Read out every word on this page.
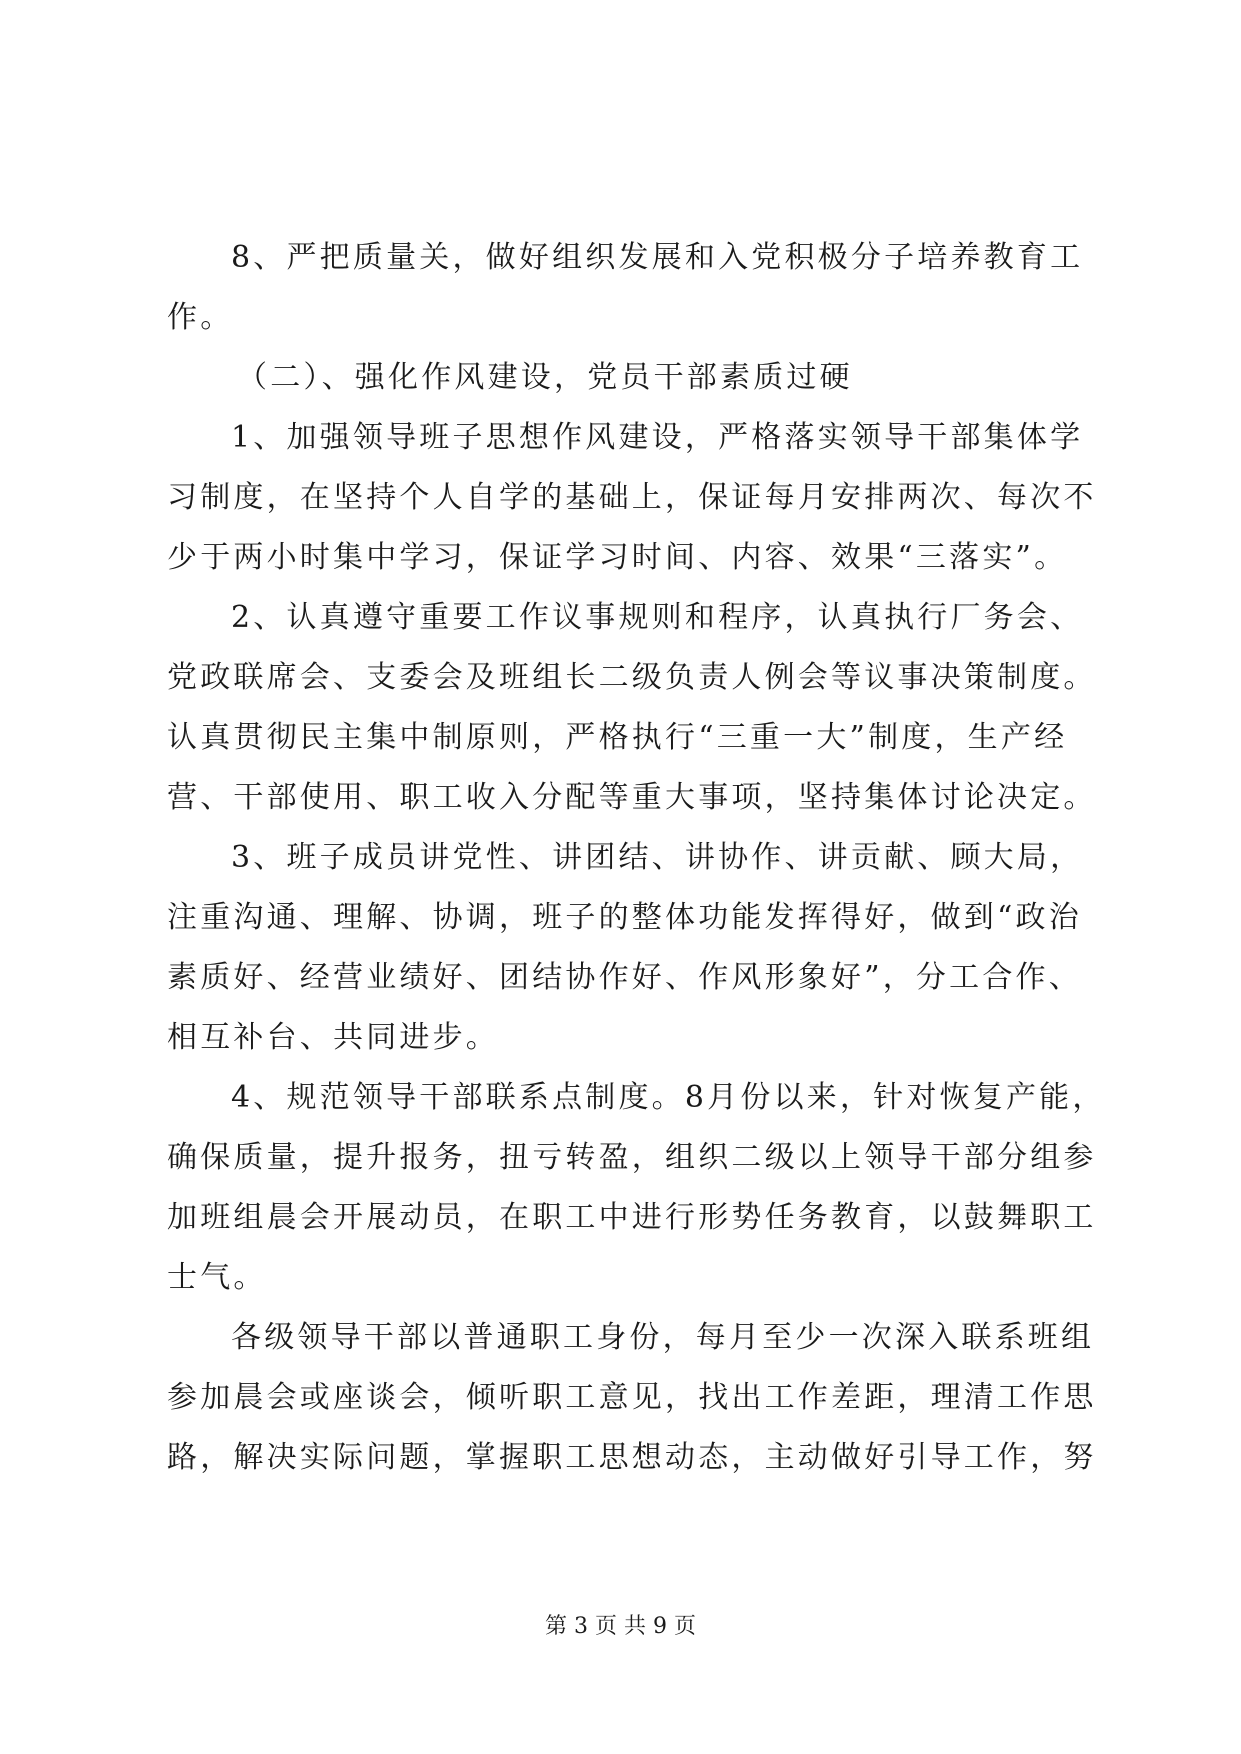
8、严把质量关，做好组织发展和入党积极分子培养教育工
作。
（二）、强化作风建设，党员干部素质过硬
1、加强领导班子思想作风建设，严格落实领导干部集体学
习制度，在坚持个人自学的基础上，保证每月安排两次、每次不
少于两小时集中学习，保证学习时间、内容、效果“三落实”。
2、认真遵守重要工作议事规则和程序，认真执行厂务会、
党政联席会、支委会及班组长二级负责人例会等议事决策制度。
认真贯彻民主集中制原则，严格执行“三重一大”制度，生产经
营、干部使用、职工收入分配等重大事项，坚持集体讨论决定。
3、班子成员讲党性、讲团结、讲协作、讲贡献、顾大局，
注重沟通、理解、协调，班子的整体功能发挥得好，做到“政治
素质好、经营业绩好、团结协作好、作风形象好”，分工合作、
相互补台、共同进步。
4、规范领导干部联系点制度。8月份以来，针对恢复产能，
确保质量，提升报务，扭亏转盈，组织二级以上领导干部分组参
加班组晨会开展动员，在职工中进行形势任务教育，以鼓舞职工
士气。
各级领导干部以普通职工身份，每月至少一次深入联系班组
参加晨会或座谈会，倾听职工意见，找出工作差距，理清工作思
路，解决实际问题，掌握职工思想动态，主动做好引导工作，努
第 3 页 共 9 页
